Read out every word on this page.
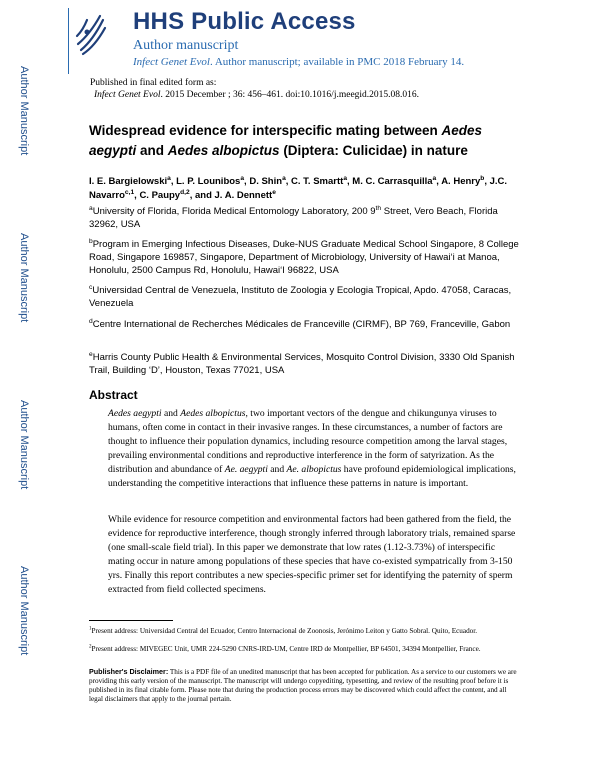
Author Manuscript
Author Manuscript
Author Manuscript
Author Manuscript
HHS Public Access
Author manuscript
Infect Genet Evol. Author manuscript; available in PMC 2018 February 14.
Published in final edited form as:
Infect Genet Evol. 2015 December ; 36: 456–461. doi:10.1016/j.meegid.2015.08.016.
Widespread evidence for interspecific mating between Aedes aegypti and Aedes albopictus (Diptera: Culicidae) in nature
I. E. Bargielowski$^a$, L. P. Lounibos$^a$, D. Shin$^a$, C. T. Smartt$^a$, M. C. Carrasquilla$^a$, A. Henry$^b$, J.C. Navarro$^{c,1}$, C. Paupy$^{d,2}$, and J. A. Dennett$^e$
$^a$University of Florida, Florida Medical Entomology Laboratory, 200 9th Street, Vero Beach, Florida 32962, USA
$^b$Program in Emerging Infectious Diseases, Duke-NUS Graduate Medical School Singapore, 8 College Road, Singapore 169857, Singapore, Department of Microbiology, University of Hawai‘i at Manoa, Honolulu, 2500 Campus Rd, Honolulu, Hawai‘I 96822, USA
$^c$Universidad Central de Venezuela, Instituto de Zoologia y Ecologia Tropical, Apdo. 47058, Caracas, Venezuela
$^d$Centre International de Recherches Médicales de Franceville (CIRMF), BP 769, Franceville, Gabon
$^e$Harris County Public Health & Environmental Services, Mosquito Control Division, 3330 Old Spanish Trail, Building ‘D’, Houston, Texas 77021, USA
Abstract
Aedes aegypti and Aedes albopictus, two important vectors of the dengue and chikungunya viruses to humans, often come in contact in their invasive ranges. In these circumstances, a number of factors are thought to influence their population dynamics, including resource competition among the larval stages, prevailing environmental conditions and reproductive interference in the form of satyrization. As the distribution and abundance of Ae. aegypti and Ae. albopictus have profound epidemiological implications, understanding the competitive interactions that influence these patterns in nature is important.
While evidence for resource competition and environmental factors had been gathered from the field, the evidence for reproductive interference, though strongly inferred through laboratory trials, remained sparse (one small-scale field trial). In this paper we demonstrate that low rates (1.12-3.73%) of interspecific mating occur in nature among populations of these species that have co-existed sympatrically from 3-150 yrs. Finally this report contributes a new species-specific primer set for identifying the paternity of sperm extracted from field collected specimens.
$^1$Present address: Universidad Central del Ecuador, Centro Internacional de Zoonosis, Jerónimo Leiton y Gatto Sobral. Quito, Ecuador.
$^2$Present address: MIVEGEC Unit, UMR 224-5290 CNRS-IRD-UM, Centre IRD de Montpellier, BP 64501, 34394 Montpellier, France.
Publisher's Disclaimer: This is a PDF file of an unedited manuscript that has been accepted for publication. As a service to our customers we are providing this early version of the manuscript. The manuscript will undergo copyediting, typesetting, and review of the resulting proof before it is published in its final citable form. Please note that during the production process errors may be discovered which could affect the content, and all legal disclaimers that apply to the journal pertain.
